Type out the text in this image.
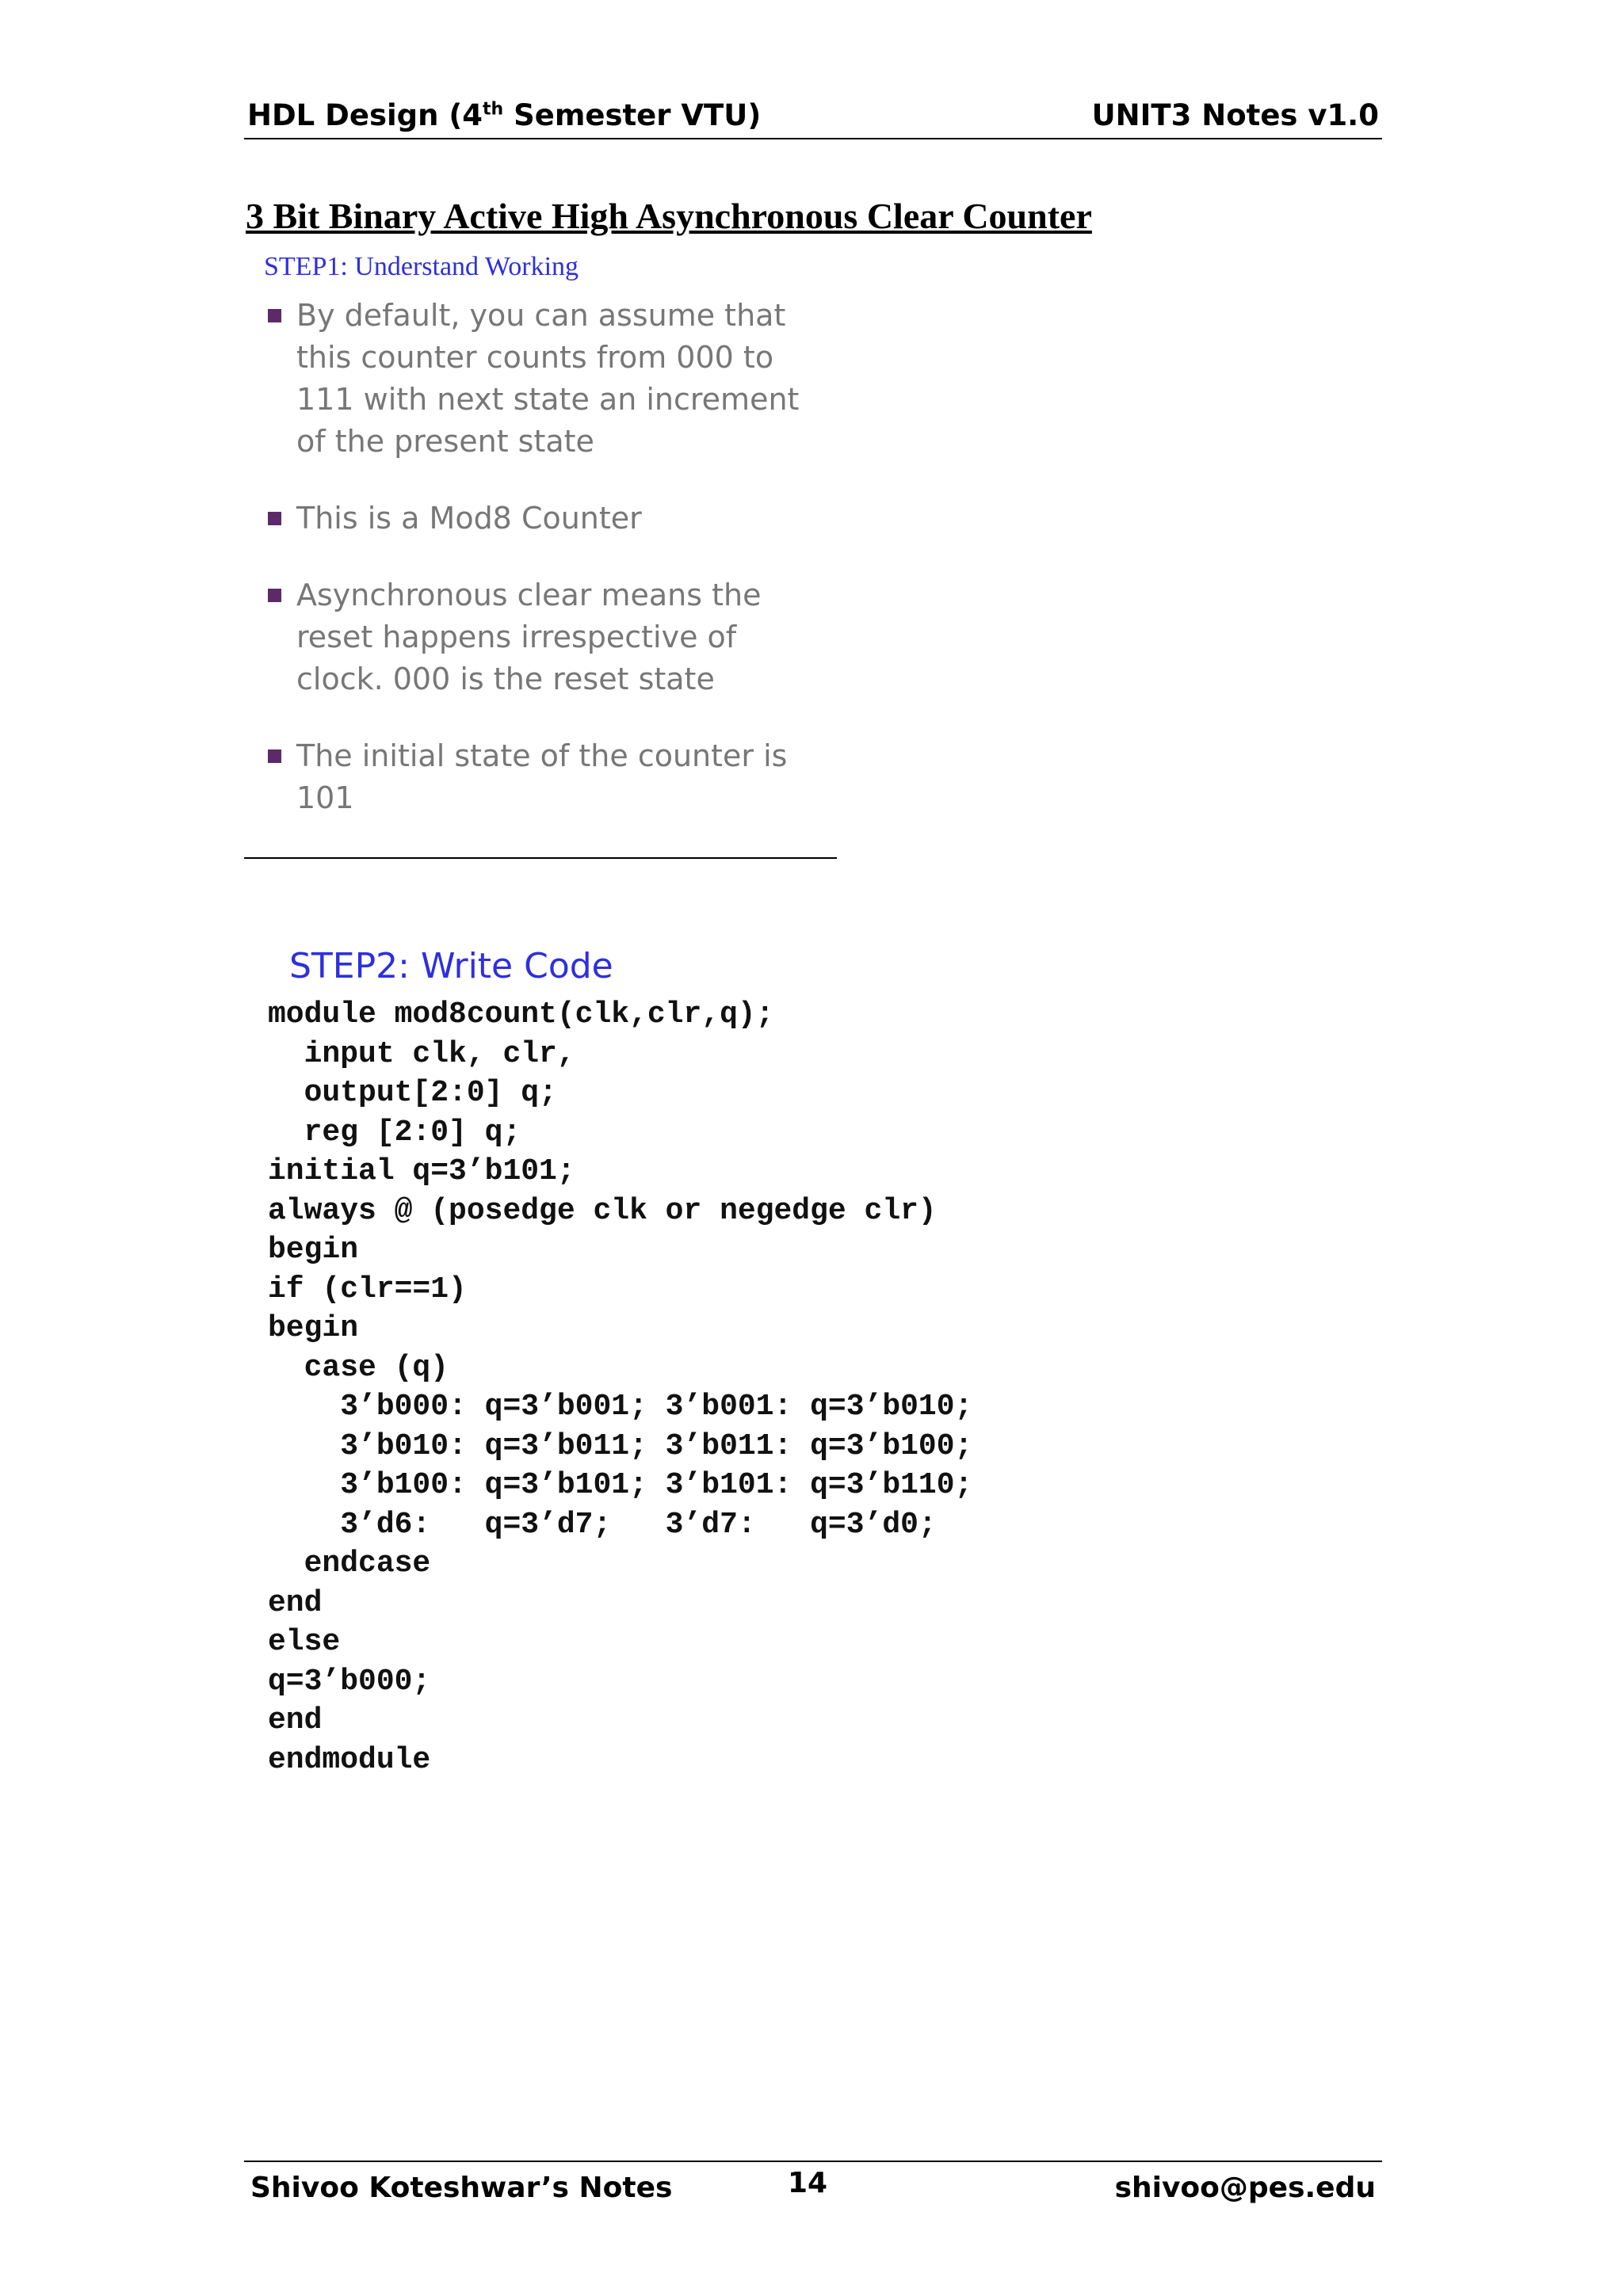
HDL Design (4th Semester VTU)	UNIT3 Notes v1.0
3 Bit Binary Active High Asynchronous Clear Counter
STEP1: Understand Working
By default, you can assume that
this counter counts from 000 to
111 with next state an increment
of the present state
This is a Mod8 Counter
Asynchronous clear means the
reset happens irrespective of
clock. 000 is the reset state
The initial state of the counter is
101
STEP2: Write Code
module mod8count(clk,clr,q);
input clk, clr,
output[2:0] q;
reg [2:0] q;
initial q=3’b101;
always @ (posedge clk or negedge clr)
begin
if (clr==1)
begin
case (q)
3’b000: q=3’b001; 3’b001: q=3’b010;
3’b010: q=3’b011; 3’b011: q=3’b100;
3’b100: q=3’b101; 3’b101: q=3’b110;
3’d6:   q=3’d7;   3’d7:   q=3’d0;
endcase
end
else
q=3’b000;
end
endmodule
Shivoo Koteshwar’s Notes	14	shivoo@pes.edu
